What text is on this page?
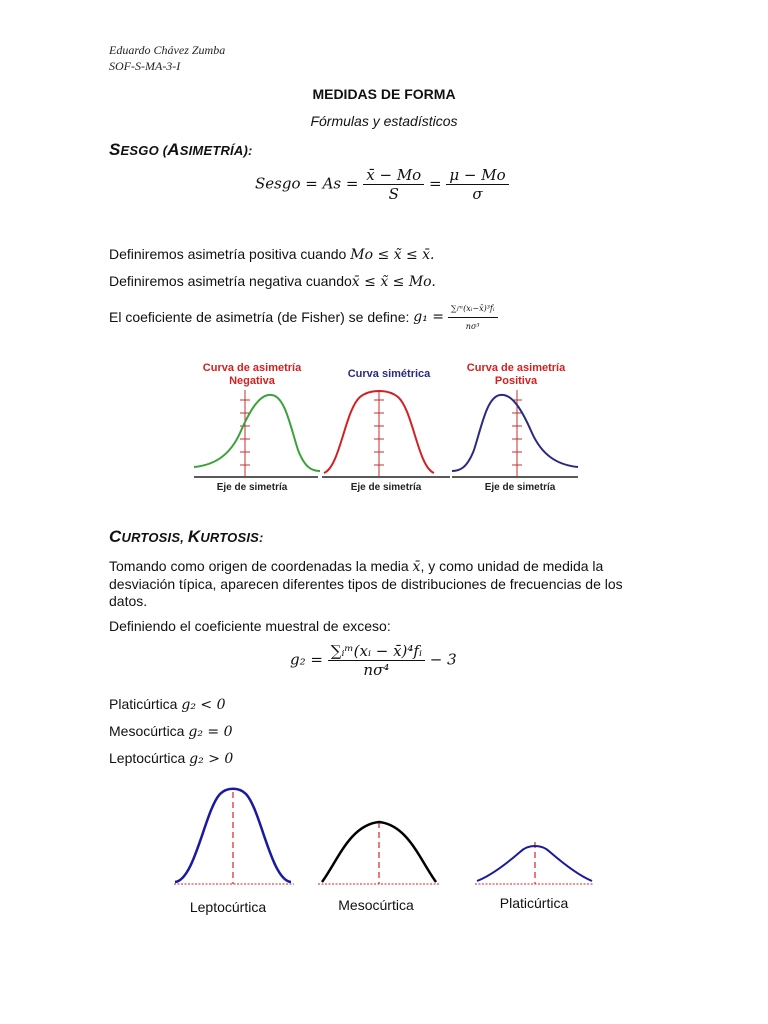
Eduardo Chávez Zumba
SOF-S-MA-3-I
MEDIDAS DE FORMA
Fórmulas y estadísticos
SESGO (ASIMETRÍA):
Sesgo = $As = \frac{x̄ - Mo}{S} = \frac{\mu - Mo}{\sigma}$
Definiremos asimetría positiva cuando Mo ≤ x̃ ≤ x̄.
Definiremos asimetría negativa cuandox̄ ≤ x̃ ≤ Mo.
El coeficiente de asimetría (de Fisher) se define: $g_1 = \frac{\text{∑ᵢᵐ(xᵢ−x̄)³fᵢ}}{\text{nσ³}}$
Curva de asimetría
Negativa
Eje de simetría
Curva simétrica
Eje de simetría
Curva de asimetría
Positiva
Eje de simetría
CURTOSIS, KURTOSIS:
Tomando como origen de coordenadas la media x̄, y como unidad de medida la desviación típica, aparecen diferentes tipos de distribuciones de frecuencias de los datos.
Definiendo el coeficiente muestral de exceso:
$g_2 = \frac{\text{∑ᵢᵐ(xᵢ − x̄)⁴fᵢ}}{\text{nσ⁴}} - 3$
Platicúrtica g₂ < 0
Mesocúrtica g₂ = 0
Leptocúrtica g₂ > 0
Leptocúrtica	Mesocúrtica	Platicúrtica
